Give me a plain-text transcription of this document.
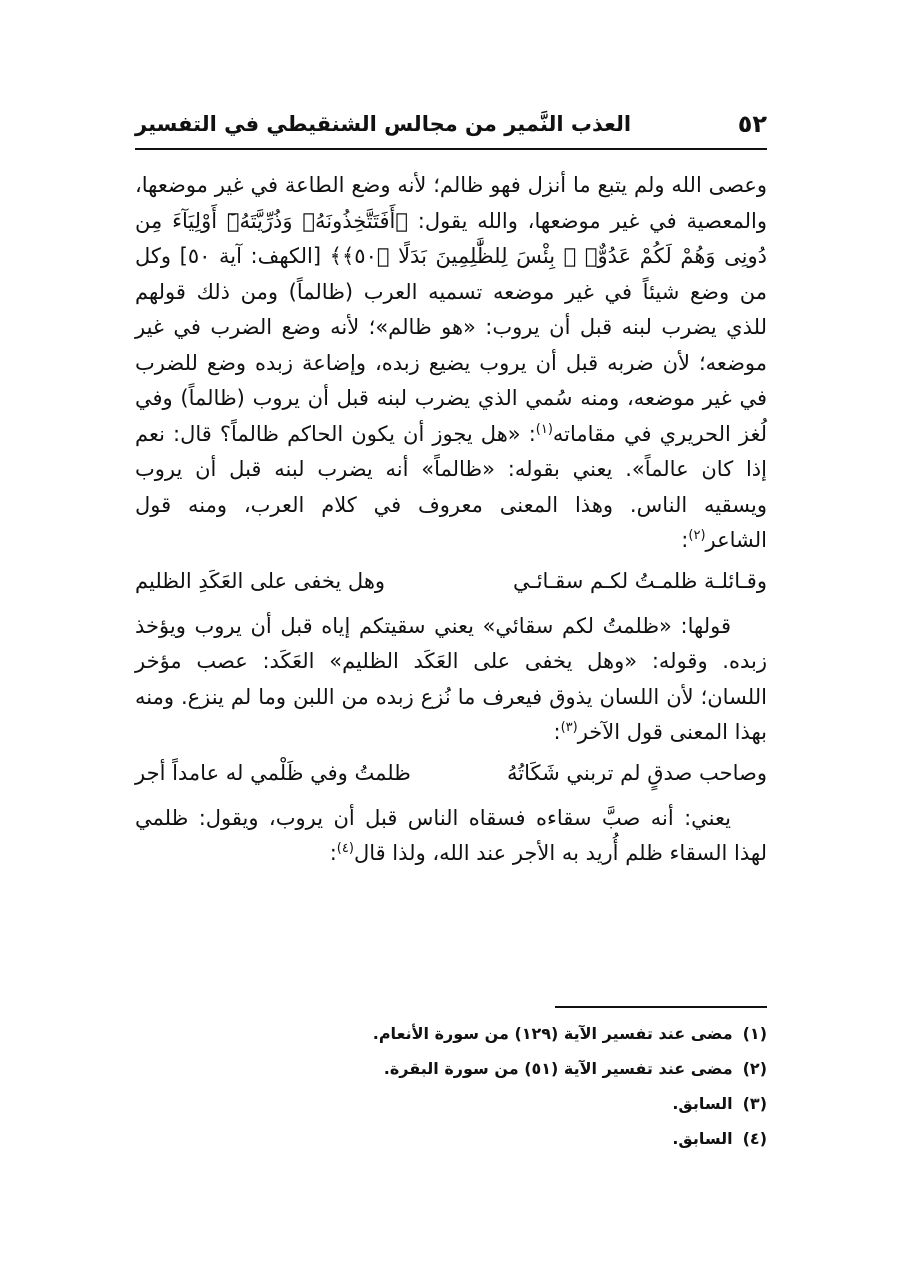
٥٢
العذب النَّمير من مجالس الشنقيطي في التفسير

وعصى الله ولم يتبع ما أنزل فهو ظالم؛ لأنه وضع الطاعة في غير موضعها، والمعصية في غير موضعها، والله يقول: ﴿أَفَتَتَّخِذُونَهُۥ وَذُرِّيَّتَهُۥٓ أَوْلِيَآءَ مِن دُونِى وَهُمْ لَكُمْ عَدُوٌّۢ ۚ بِئْسَ لِلظَّٰلِمِينَ بَدَلًا ﴿٥٠﴾﴾ [الكهف: آية ٥٠] وكل من وضع شيئاً في غير موضعه تسميه العرب (ظالماً) ومن ذلك قولهم للذي يضرب لبنه قبل أن يروب: «هو ظالم»؛ لأنه وضع الضرب في غير موضعه؛ لأن ضربه قبل أن يروب يضيع زبده، وإضاعة زبده وضع للضرب في غير موضعه، ومنه سُمي الذي يضرب لبنه قبل أن يروب (ظالماً) وفي لُغز الحريري في مقاماته$^{(١)}$: «هل يجوز أن يكون الحاكم ظالماً؟ قال: نعم إذا كان عالماً». يعني بقوله: «ظالماً» أنه يضرب لبنه قبل أن يروب ويسقيه الناس. وهذا المعنى معروف في كلام العرب، ومنه قول الشاعر$^{(٢)}$:

وقـائلـة ظلمـتُ لكـم سقـائـي
وهل يخفى على العَكَدِ الظليم

قولها: «ظلمتُ لكم سقائي» يعني سقيتكم إياه قبل أن يروب ويؤخذ زبده. وقوله: «وهل يخفى على العَكَد الظليم» العَكَد: عصب مؤخر اللسان؛ لأن اللسان يذوق فيعرف ما نُزع زبده من اللبن وما لم ينزع. ومنه بهذا المعنى قول الآخر$^{(٣)}$:

وصاحب صدقٍ لم تربني شَكَاتُهُ
ظلمتُ وفي ظَلْمي له عامداً أجر

يعني: أنه صبَّ سقاءه فسقاه الناس قبل أن يروب، ويقول: ظلمي لهذا السقاء ظلم أُريد به الأجر عند الله، ولذا قال$^{(٤)}$:

(١)
مضى عند تفسير الآية (١٢٩) من سورة الأنعام.
(٢)
مضى عند تفسير الآية (٥١) من سورة البقرة.
(٣)
السابق.
(٤)
السابق.
